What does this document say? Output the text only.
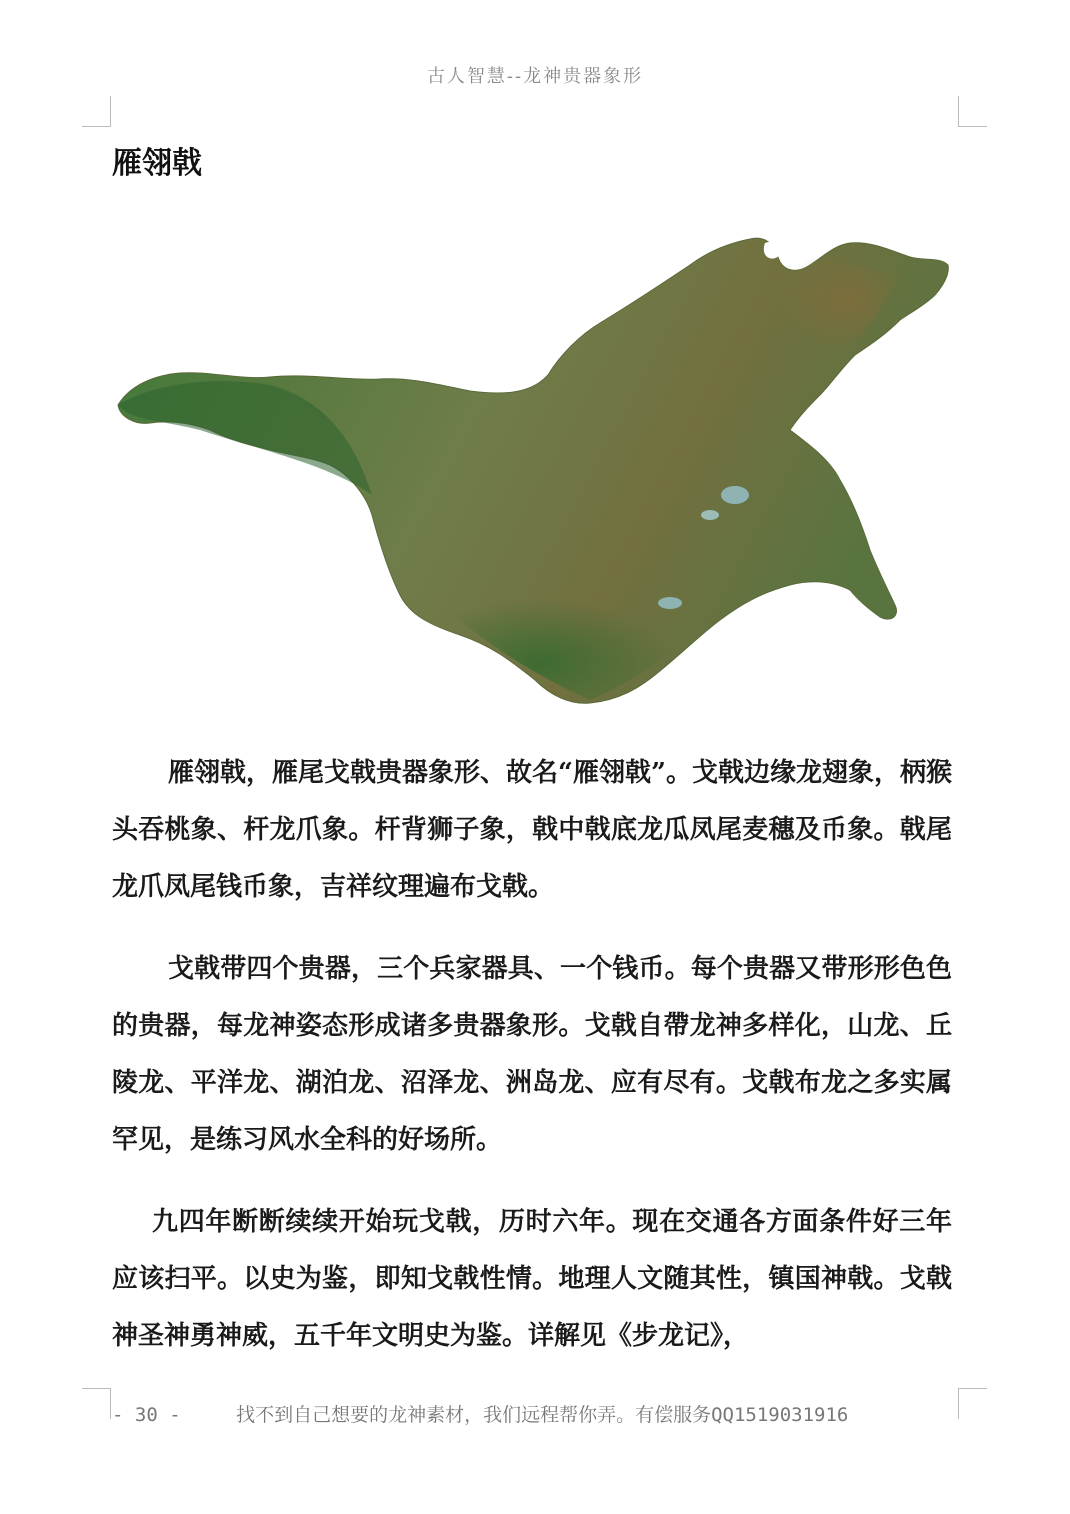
古人智慧--龙神贵器象形
雁翎戟

雁翎戟，雁尾戈戟贵器象形、故名“雁翎戟”。戈戟边缘龙翅象，柄猴头吞桃象、杆龙爪象。杆背狮子象，戟中戟底龙瓜凤尾麦穗及币象。戟尾龙爪凤尾钱币象，吉祥纹理遍布戈戟。

戈戟带四个贵器，三个兵家器具、一个钱币。每个贵器又带形形色色的贵器，每龙神姿态形成诸多贵器象形。戈戟自帶龙神多样化，山龙、丘陵龙、平洋龙、湖泊龙、沼泽龙、洲岛龙、应有尽有。戈戟布龙之多实属罕见，是练习风水全科的好场所。

九四年断断续续开始玩戈戟，历时六年。现在交通各方面条件好三年应该扫平。以史为鉴，即知戈戟性情。地理人文随其性，镇国神戟。戈戟神圣神勇神威，五千年文明史为鉴。详解见《步龙记》，

- 30 -	找不到自己想要的龙神素材，我们远程帮你弄。有偿服务QQ1519031916
